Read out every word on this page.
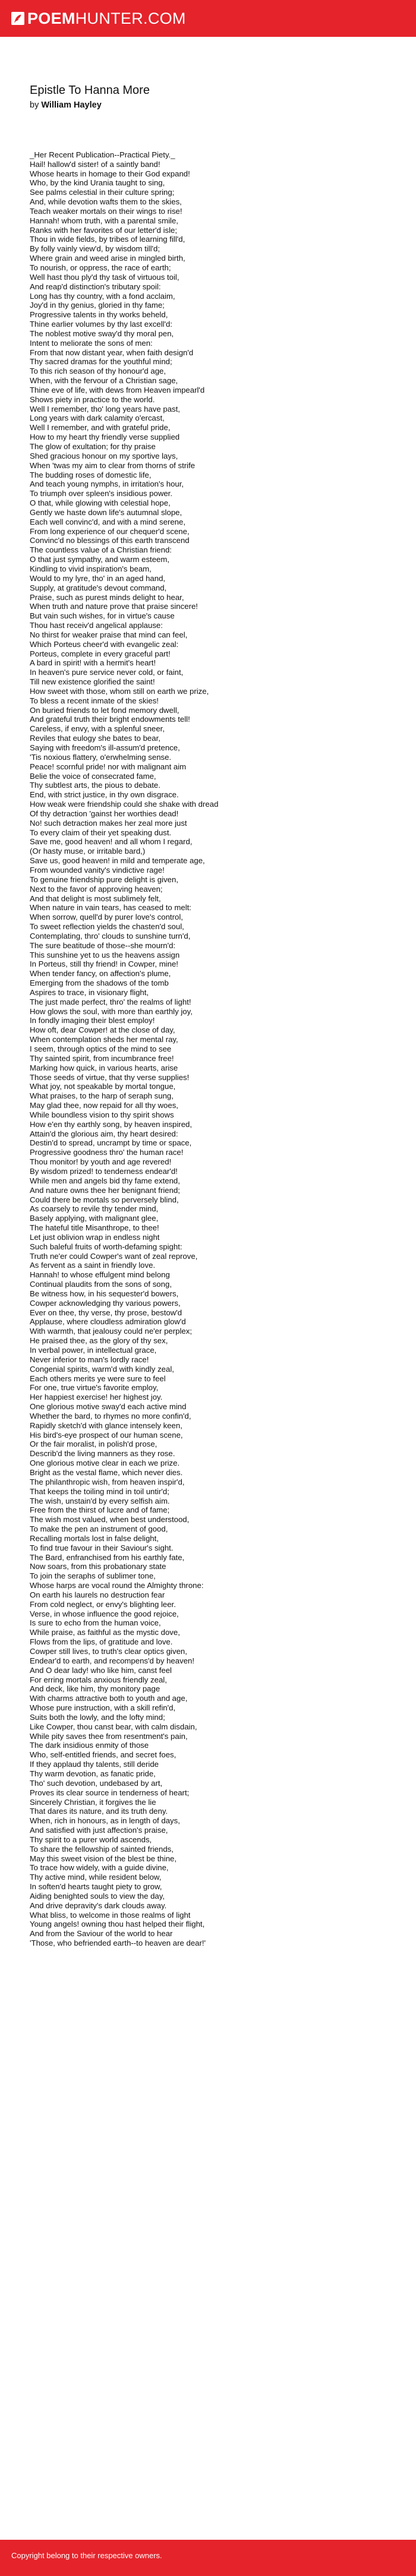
POEMHUNTER.COM
Epistle To Hanna More
by William Hayley
_Her Recent Publication--Practical Piety._
Hail! hallow'd sister! of a saintly band!
Whose hearts in homage to their God expand!
Who, by the kind Urania taught to sing,
See palms celestial in their culture spring;
And, while devotion wafts them to the skies,
Teach weaker mortals on their wings to rise!
Hannah! whom truth, with a parental smile,
Ranks with her favorites of our letter'd isle;
Thou in wide fields, by tribes of learning fill'd,
By folly vainly view'd, by wisdom till'd;
Where grain and weed arise in mingled birth,
To nourish, or oppress, the race of earth;
Well hast thou ply'd thy task of virtuous toil,
And reap'd distinction's tributary spoil:
Long has thy country, with a fond acclaim,
Joy'd in thy genius, gloried in thy fame;
Progressive talents in thy works beheld,
Thine earlier volumes by thy last excell'd:
The noblest motive sway'd thy moral pen,
Intent to meliorate the sons of men:
From that now distant year, when faith design'd
Thy sacred dramas for the youthful mind;
To this rich season of thy honour'd age,
When, with the fervour of a Christian sage,
Thine eve of life, with dews from Heaven impearl'd
Shows piety in practice to the world.
Well I remember, tho' long years have past,
Long years with dark calamity o'ercast,
Well I remember, and with grateful pride,
How to my heart thy friendly verse supplied
The glow of exultation; for thy praise
Shed gracious honour on my sportive lays,
When 'twas my aim to clear from thorns of strife
The budding roses of domestic life,
And teach young nymphs, in irritation's hour,
To triumph over spleen's insidious power.
O that, while glowing with celestial hope,
Gently we haste down life's autumnal slope,
Each well convinc'd, and with a mind serene,
From long experience of our chequer'd scene,
Convinc'd no blessings of this earth transcend
The countless value of a Christian friend:
O that just sympathy, and warm esteem,
Kindling to vivid inspiration's beam,
Would to my lyre, tho' in an aged hand,
Supply, at gratitude's devout command,
Praise, such as purest minds delight to hear,
When truth and nature prove that praise sincere!
But vain such wishes, for in virtue's cause
Thou hast receiv'd angelical applause:
No thirst for weaker praise that mind can feel,
Which Porteus cheer'd with evangelic zeal:
Porteus, complete in every graceful part!
A bard in spirit! with a hermit's heart!
In heaven's pure service never cold, or faint,
Till new existence glorified the saint!
How sweet with those, whom still on earth we prize,
To bless a recent inmate of the skies!
On buried friends to let fond memory dwell,
And grateful truth their bright endowments tell!
Careless, if envy, with a splenful sneer,
Reviles that eulogy she bates to bear,
Saying with freedom's ill-assum'd pretence,
'Tis noxious flattery, o'erwhelming sense.
Peace! scornful pride! nor with malignant aim
Belie the voice of consecrated fame,
Thy subtlest arts, the pious to debate.
End, with strict justice, in thy own disgrace.
How weak were friendship could she shake with dread
Of thy detraction 'gainst her worthies dead!
No! such detraction makes her zeal more just
To every claim of their yet speaking dust.
Save me, good heaven! and all whom I regard,
(Or hasty muse, or irritable bard,)
Save us, good heaven! in mild and temperate age,
From wounded vanity's vindictive rage!
To genuine friendship pure delight is given,
Next to the favor of approving heaven;
And that delight is most sublimely felt,
When nature in vain tears, has ceased to melt:
When sorrow, quell'd by purer love's control,
To sweet reflection yields the chasten'd soul,
Contemplating, thro' clouds to sunshine turn'd,
The sure beatitude of those--she mourn'd:
This sunshine yet to us the heavens assign
In Porteus, still thy friend! in Cowper, mine!
When tender fancy, on affection's plume,
Emerging from the shadows of the tomb
Aspires to trace, in visionary flight,
The just made perfect, thro' the realms of light!
How glows the soul, with more than earthly joy,
In fondly imaging their blest employ!
How oft, dear Cowper! at the close of day,
When contemplation sheds her mental ray,
I seem, through optics of the mind to see
Thy sainted spirit, from incumbrance free!
Marking how quick, in various hearts, arise
Those seeds of virtue, that thy verse supplies!
What joy, not speakable by mortal tongue,
What praises, to the harp of seraph sung,
May glad thee, now repaid for all thy woes,
While boundless vision to thy spirit shows
How e'en thy earthly song, by heaven inspired,
Attain'd the glorious aim, thy heart desired:
Destin'd to spread, uncrampt by time or space,
Progressive goodness thro' the human race!
Thou monitor! by youth and age revered!
By wisdom prized! to tenderness endear'd!
While men and angels bid thy fame extend,
And nature owns thee her benignant friend;
Could there be mortals so perversely blind,
As coarsely to revile thy tender mind,
Basely applying, with malignant glee,
The hateful title Misanthrope, to thee!
Let just oblivion wrap in endless night
Such baleful fruits of worth-defaming spight:
Truth ne'er could Cowper's want of zeal reprove,
As fervent as a saint in friendly love.
Hannah! to whose effulgent mind belong
Continual plaudits from the sons of song,
Be witness how, in his sequester'd bowers,
Cowper acknowledging thy various powers,
Ever on thee, thy verse, thy prose, bestow'd
Applause, where cloudless admiration glow'd
With warmth, that jealousy could ne'er perplex;
He praised thee, as the glory of thy sex,
In verbal power, in intellectual grace,
Never inferior to man's lordly race!
Congenial spirits, warm'd with kindly zeal,
Each others merits ye were sure to feel
For one, true virtue's favorite employ,
Her happiest exercise! her highest joy.
One glorious motive sway'd each active mind
Whether the bard, to rhymes no more confin'd,
Rapidly sketch'd with glance intensely keen,
His bird's-eye prospect of our human scene,
Or the fair moralist, in polish'd prose,
Describ'd the living manners as they rose.
One glorious motive clear in each we prize.
Bright as the vestal flame, which never dies.
The philanthropic wish, from heaven inspir'd,
That keeps the toiling mind in toil untir'd;
The wish, unstain'd by every selfish aim.
Free from the thirst of lucre and of fame;
The wish most valued, when best understood,
To make the pen an instrument of good,
Recalling mortals lost in false delight,
To find true favour in their Saviour's sight.
The Bard, enfranchised from his earthly fate,
Now soars, from this probationary state
To join the seraphs of sublimer tone,
Whose harps are vocal round the Almighty throne:
On earth his laurels no destruction fear
From cold neglect, or envy's blighting leer.
Verse, in whose influence the good rejoice,
Is sure to echo from the human voice,
While praise, as faithful as the mystic dove,
Flows from the lips, of gratitude and love.
Cowper still lives, to truth's clear optics given,
Endear'd to earth, and recompens'd by heaven!
And O dear lady! who like him, canst feel
For erring mortals anxious friendly zeal,
And deck, like him, thy monitory page
With charms attractive both to youth and age,
Whose pure instruction, with a skill refin'd,
Suits both the lowly, and the lofty mind;
Like Cowper, thou canst bear, with calm disdain,
While pity saves thee from resentment's pain,
The dark insidious enmity of those
Who, self-entitled friends, and secret foes,
If they applaud thy talents, still deride
Thy warm devotion, as fanatic pride,
Tho' such devotion, undebased by art,
Proves its clear source in tenderness of heart;
Sincerely Christian, it forgives the lie
That dares its nature, and its truth deny.
When, rich in honours, as in length of days,
And satisfied with just affection's praise,
Thy spirit to a purer world ascends,
To share the fellowship of sainted friends,
May this sweet vision of the blest be thine,
To trace how widely, with a guide divine,
Thy active mind, while resident below,
In soften'd hearts taught piety to grow,
Aiding benighted souls to view the day,
And drive depravity's dark clouds away.
What bliss, to welcome in those realms of light
Young angels! owning thou hast helped their flight,
And from the Saviour of the world to hear
'Those, who befriended earth--to heaven are dear!'
Copyright belong to their respective owners.
